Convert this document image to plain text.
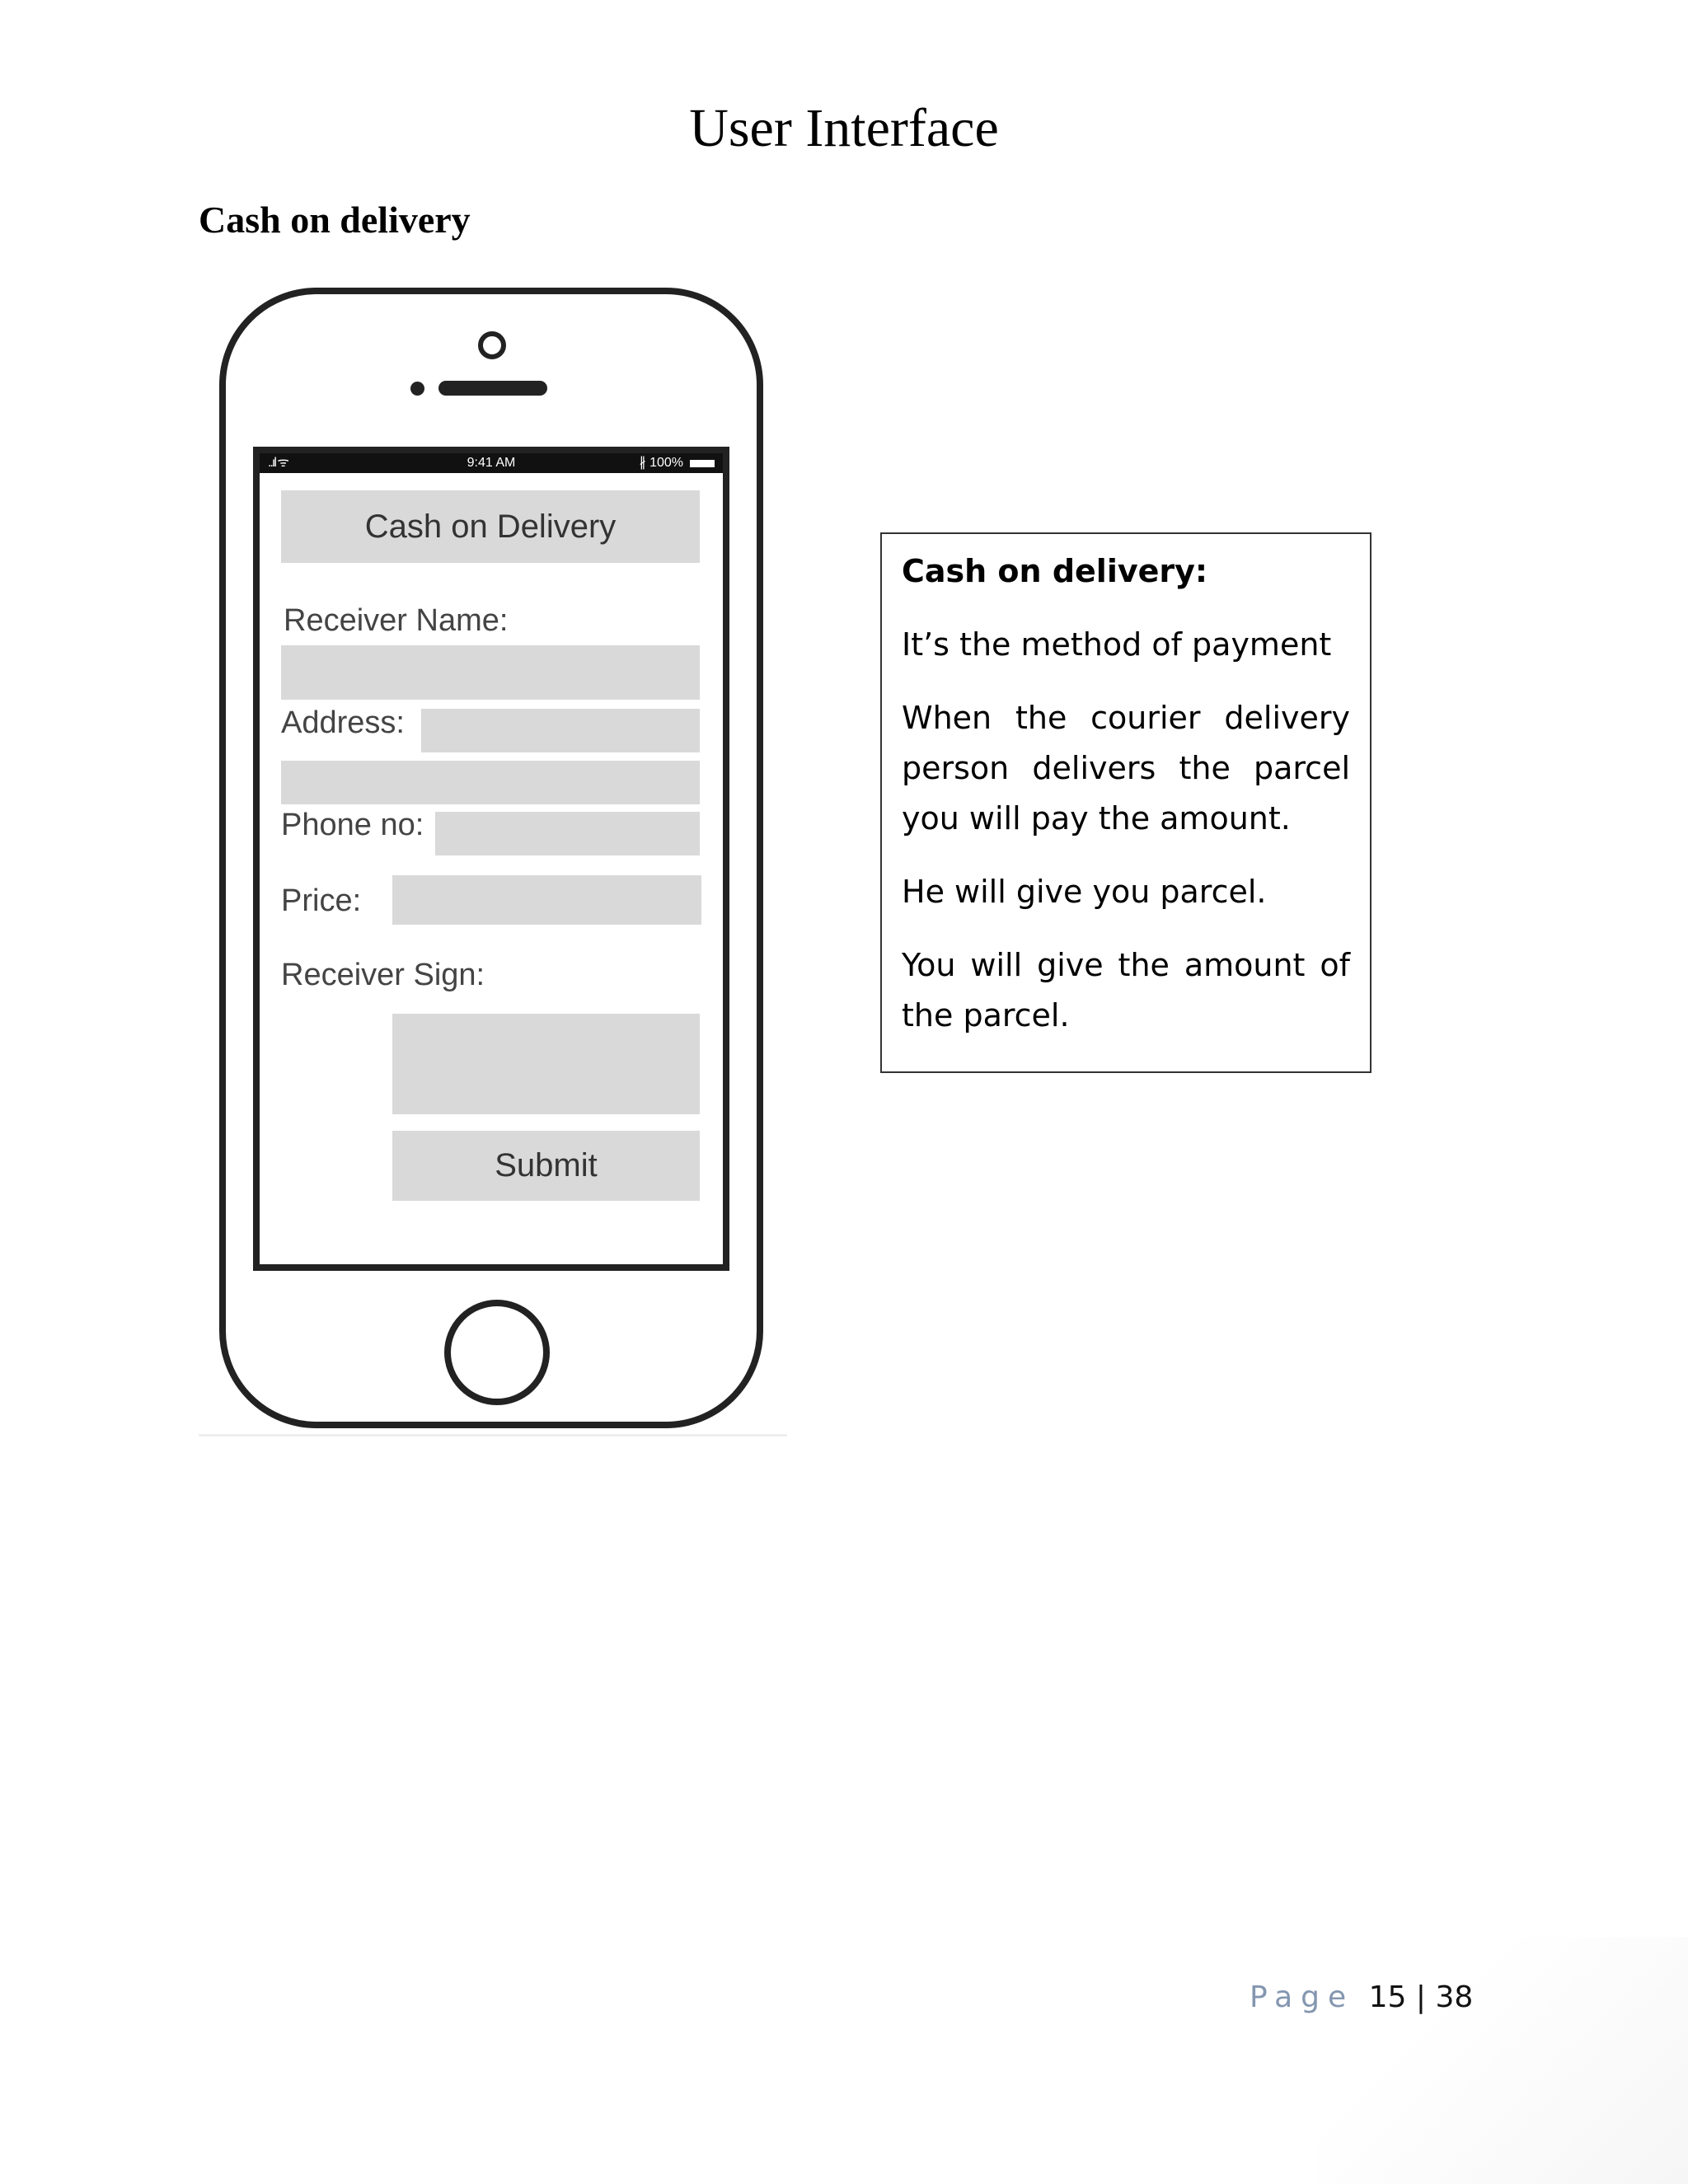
User Interface
Cash on delivery
..ıl ᯤ	9:41 AM	∦ 100%
Cash on Delivery
Receiver Name:
Address:
Phone no:
Price:
Receiver Sign:
Submit

Cash on delivery:

It’s the method of payment

When the courier delivery person delivers the parcel you will pay the amount.

He will give you parcel.

You will give the amount of the parcel.

Page 15 | 38
